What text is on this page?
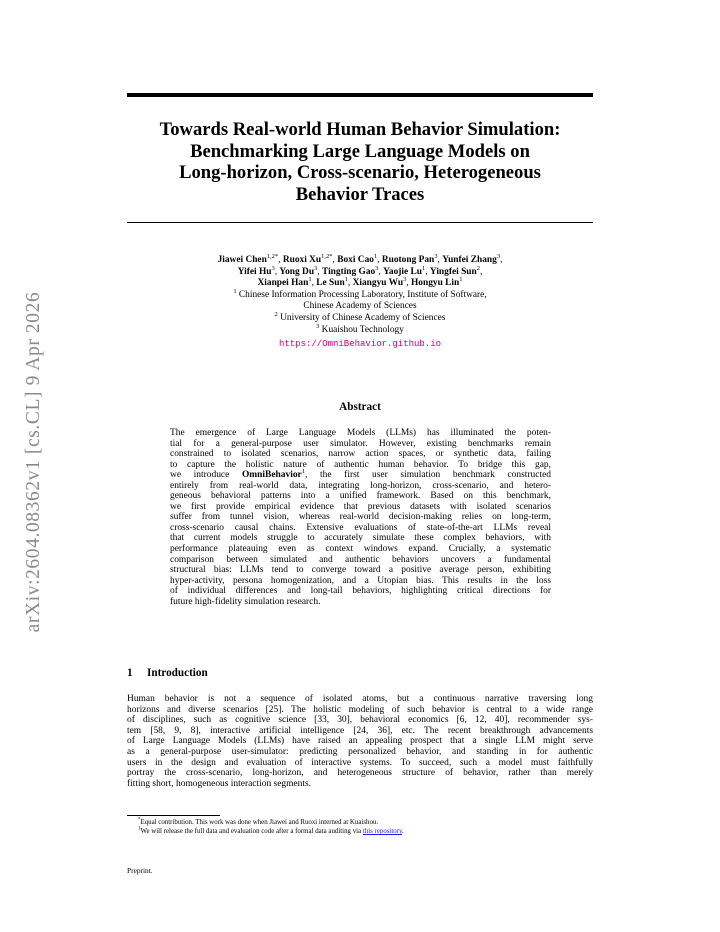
arXiv:2604.08362v1 [cs.CL] 9 Apr 2026
Towards Real-world Human Behavior Simulation:
Benchmarking Large Language Models on
Long-horizon, Cross-scenario, Heterogeneous
Behavior Traces
Jiawei Chen$^{1,2*}$, Ruoxi $Xu^{1,2*}$, Boxi Cao$^1$, Ruotong Pan$^3$, Yunfei Zhang$^3$,
Yifei Hu$^3$, Yong Du$^3$, Tingting Gao$^3$, Yaojie Lu$^1$, Yingfei Sun$^2$,
Xianpei Han$^1$, Le Sun$^1$, Xiangyu Wu$^3$, Hongyu Lin$^1$
$^1$ Chinese Information Processing Laboratory, Institute of Software,
Chinese Academy of Sciences
$^2$ University of Chinese Academy of Sciences
$^3$ Kuaishou Technology
https://OmniBehavior.github.io
Abstract
The emergence of Large Language Models (LLMs) has illuminated the poten-
tial for a general-purpose user simulator. However, existing benchmarks remain
constrained to isolated scenarios, narrow action spaces, or synthetic data, failing
to capture the holistic nature of authentic human behavior. To bridge this gap,
we introduce OmniBehavior$^1$, the first user simulation benchmark constructed
entirely from real-world data, integrating long-horizon, cross-scenario, and hetero-
geneous behavioral patterns into a unified framework. Based on this benchmark,
we first provide empirical evidence that previous datasets with isolated scenarios
suffer from tunnel vision, whereas real-world decision-making relies on long-term,
cross-scenario causal chains. Extensive evaluations of state-of-the-art LLMs reveal
that current models struggle to accurately simulate these complex behaviors, with
performance plateauing even as context windows expand. Crucially, a systematic
comparison between simulated and authentic behaviors uncovers a fundamental
structural bias: LLMs tend to converge toward a positive average person, exhibiting
hyper-activity, persona homogenization, and a Utopian bias. This results in the loss
of individual differences and long-tail behaviors, highlighting critical directions for
future high-fidelity simulation research.
1 Introduction
Human behavior is not a sequence of isolated atoms, but a continuous narrative traversing long
horizons and diverse scenarios [25]. The holistic modeling of such behavior is central to a wide range
of disciplines, such as cognitive science [33, 30], behavioral economics [6, 12, 40], recommender sys-
tem [58, 9, 8], interactive artificial intelligence [24, 36], etc. The recent breakthrough advancements
of Large Language Models (LLMs) have raised an appealing prospect that a single LLM might serve
as a general-purpose user-simulator: predicting personalized behavior, and standing in for authentic
users in the design and evaluation of interactive systems. To succeed, such a model must faithfully
portray the cross-scenario, long-horizon, and heterogeneous structure of behavior, rather than merely
fitting short, homogeneous interaction segments.
*Equal contribution. This work was done when Jiawei and Ruoxi interned at Kuaishou.
$^1$We will release the full data and evaluation code after a formal data auditing via this repository.
Preprint.
